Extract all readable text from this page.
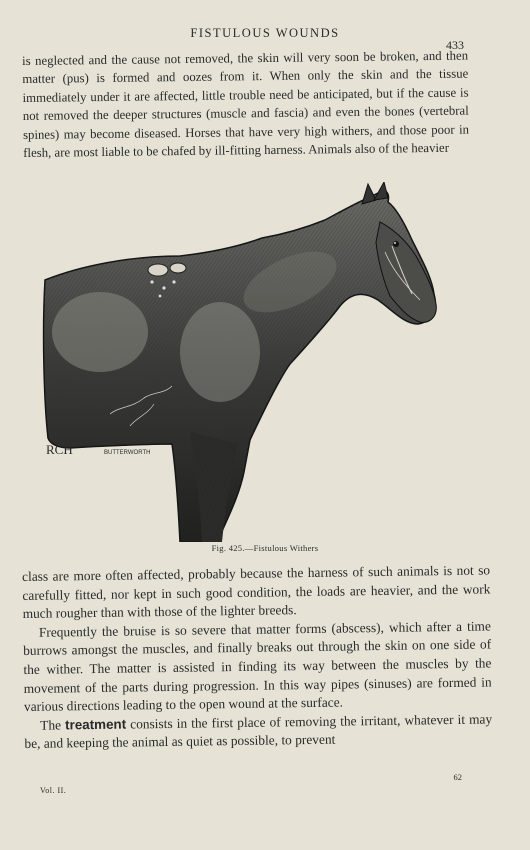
FISTULOUS WOUNDS
433

is neglected and the cause not removed, the skin will very soon be broken, and then matter (pus) is formed and oozes from it. When only the skin and the tissue immediately under it are affected, little trouble need be anticipated, but if the cause is not removed the deeper structures (muscle and fascia) and even the bones (vertebral spines) may become diseased. Horses that have very high withers, and those poor in flesh, are most liable to be chafed by ill-fitting harness. Animals also of the heavier

RCH	BUTTERWORTH
Fig. 425.—Fistulous Withers

class are more often affected, probably because the harness of such animals is not so carefully fitted, nor kept in such good condition, the loads are heavier, and the work much rougher than with those of the lighter breeds.

Frequently the bruise is so severe that matter forms (abscess), which after a time burrows amongst the muscles, and finally breaks out through the skin on one side of the wither. The matter is assisted in finding its way between the muscles by the movement of the parts during progression. In this way pipes (sinuses) are formed in various directions leading to the open wound at the surface.

The treatment consists in the first place of removing the irritant, whatever it may be, and keeping the animal as quiet as possible, to prevent

Vol. II.
62
